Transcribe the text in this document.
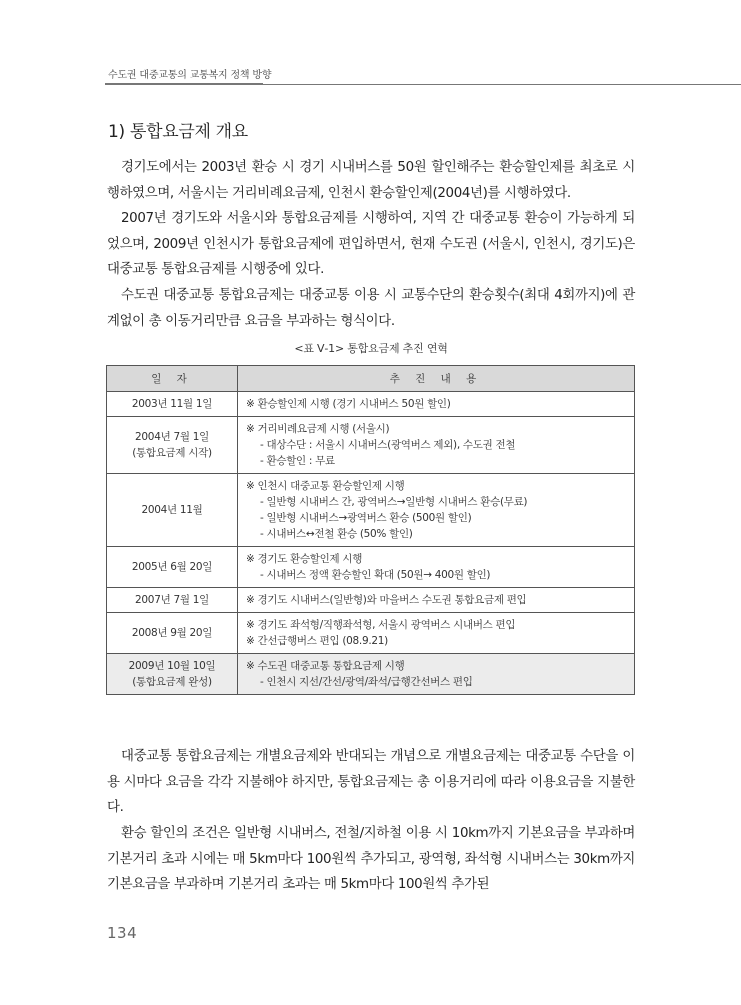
수도권 대중교통의 교통복지 정책 방향
1) 통합요금제 개요

경기도에서는 2003년 환승 시 경기 시내버스를 50원 할인해주는 환승할인제를 최초로 시행하였으며, 서울시는 거리비례요금제, 인천시 환승할인제(2004년)를 시행하였다.

2007년 경기도와 서울시와 통합요금제를 시행하여, 지역 간 대중교통 환승이 가능하게 되었으며, 2009년 인천시가 통합요금제에 편입하면서, 현재 수도권 (서울시, 인천시, 경기도)은 대중교통 통합요금제를 시행중에 있다.

수도권 대중교통 통합요금제는 대중교통 이용 시 교통수단의 환승횟수(최대 4회까지)에 관계없이 총 이동거리만큼 요금을 부과하는 형식이다.

<표 Ⅴ-1> 통합요금제 추진 연혁
일 자	추 진 내 용

2003년 11월 1일	※ 환승할인제 시행 (경기 시내버스 50원 할인)

2004년 7월 1일
(통합요금제 시작)	※ 거리비례요금제 시행 (서울시)
- 대상수단 : 서울시 시내버스(광역버스 제외), 수도권 전철
- 환승할인 : 무료

2004년 11월	※ 인천시 대중교통 환승할인제 시행
- 일반형 시내버스 간, 광역버스→일반형 시내버스 환승(무료)
- 일반형 시내버스→광역버스 환승 (500원 할인)
- 시내버스↔전철 환승 (50% 할인)

2005년 6월 20일	※ 경기도 환승할인제 시행
- 시내버스 정액 환승할인 확대 (50원→ 400원 할인)

2007년 7월 1일	※ 경기도 시내버스(일반형)와 마을버스 수도권 통합요금제 편입

2008년 9월 20일	※ 경기도 좌석형/직행좌석형, 서울시 광역버스 시내버스 편입
※ 간선급행버스 편입 (08.9.21)

2009년 10월 10일
(통합요금제 완성)	※ 수도권 대중교통 통합요금제 시행
- 인천시 지선/간선/광역/좌석/급행간선버스 편입

대중교통 통합요금제는 개별요금제와 반대되는 개념으로 개별요금제는 대중교통 수단을 이용 시마다 요금을 각각 지불해야 하지만, 통합요금제는 총 이용거리에 따라 이용요금을 지불한다.

환승 할인의 조건은 일반형 시내버스, 전철/지하철 이용 시 10km까지 기본요금을 부과하며 기본거리 초과 시에는 매 5km마다 100원씩 추가되고, 광역형, 좌석형 시내버스는 30km까지 기본요금을 부과하며 기본거리 초과는 매 5km마다 100원씩 추가된

134
